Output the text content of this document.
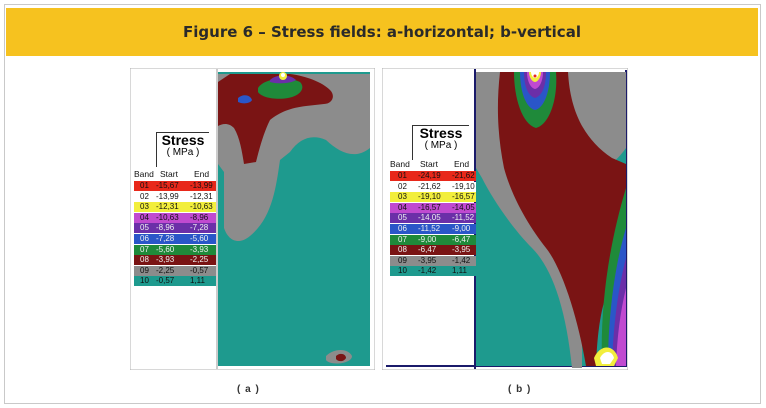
Figure 6 – Stress fields: a-horizontal; b-vertical
Stress
( MPa )
Band Start End
01 -15,67 -13,99
02 -13,99 -12,31
03 -12,31 -10,63
04 -10,63 -8,96
05 -8,96 -7,28
06 -7,28 -5,60
07 -5,60 -3,93
08 -3,93 -2,25
09 -2,25 -0,57
10 -0,57 1,11
( a )
Stress
( MPa )
Band Start End
01 -24,19 -21,62
02 -21,62 -19,10
03 -19,10 -16,57
04 -16,57 -14,05
05 -14,05 -11,52
06 -11,52 -9,00
07 -9,00 -6,47
08 -6,47 -3,95
09 -3,95 -1,42
10 -1,42 1,11
( b )
